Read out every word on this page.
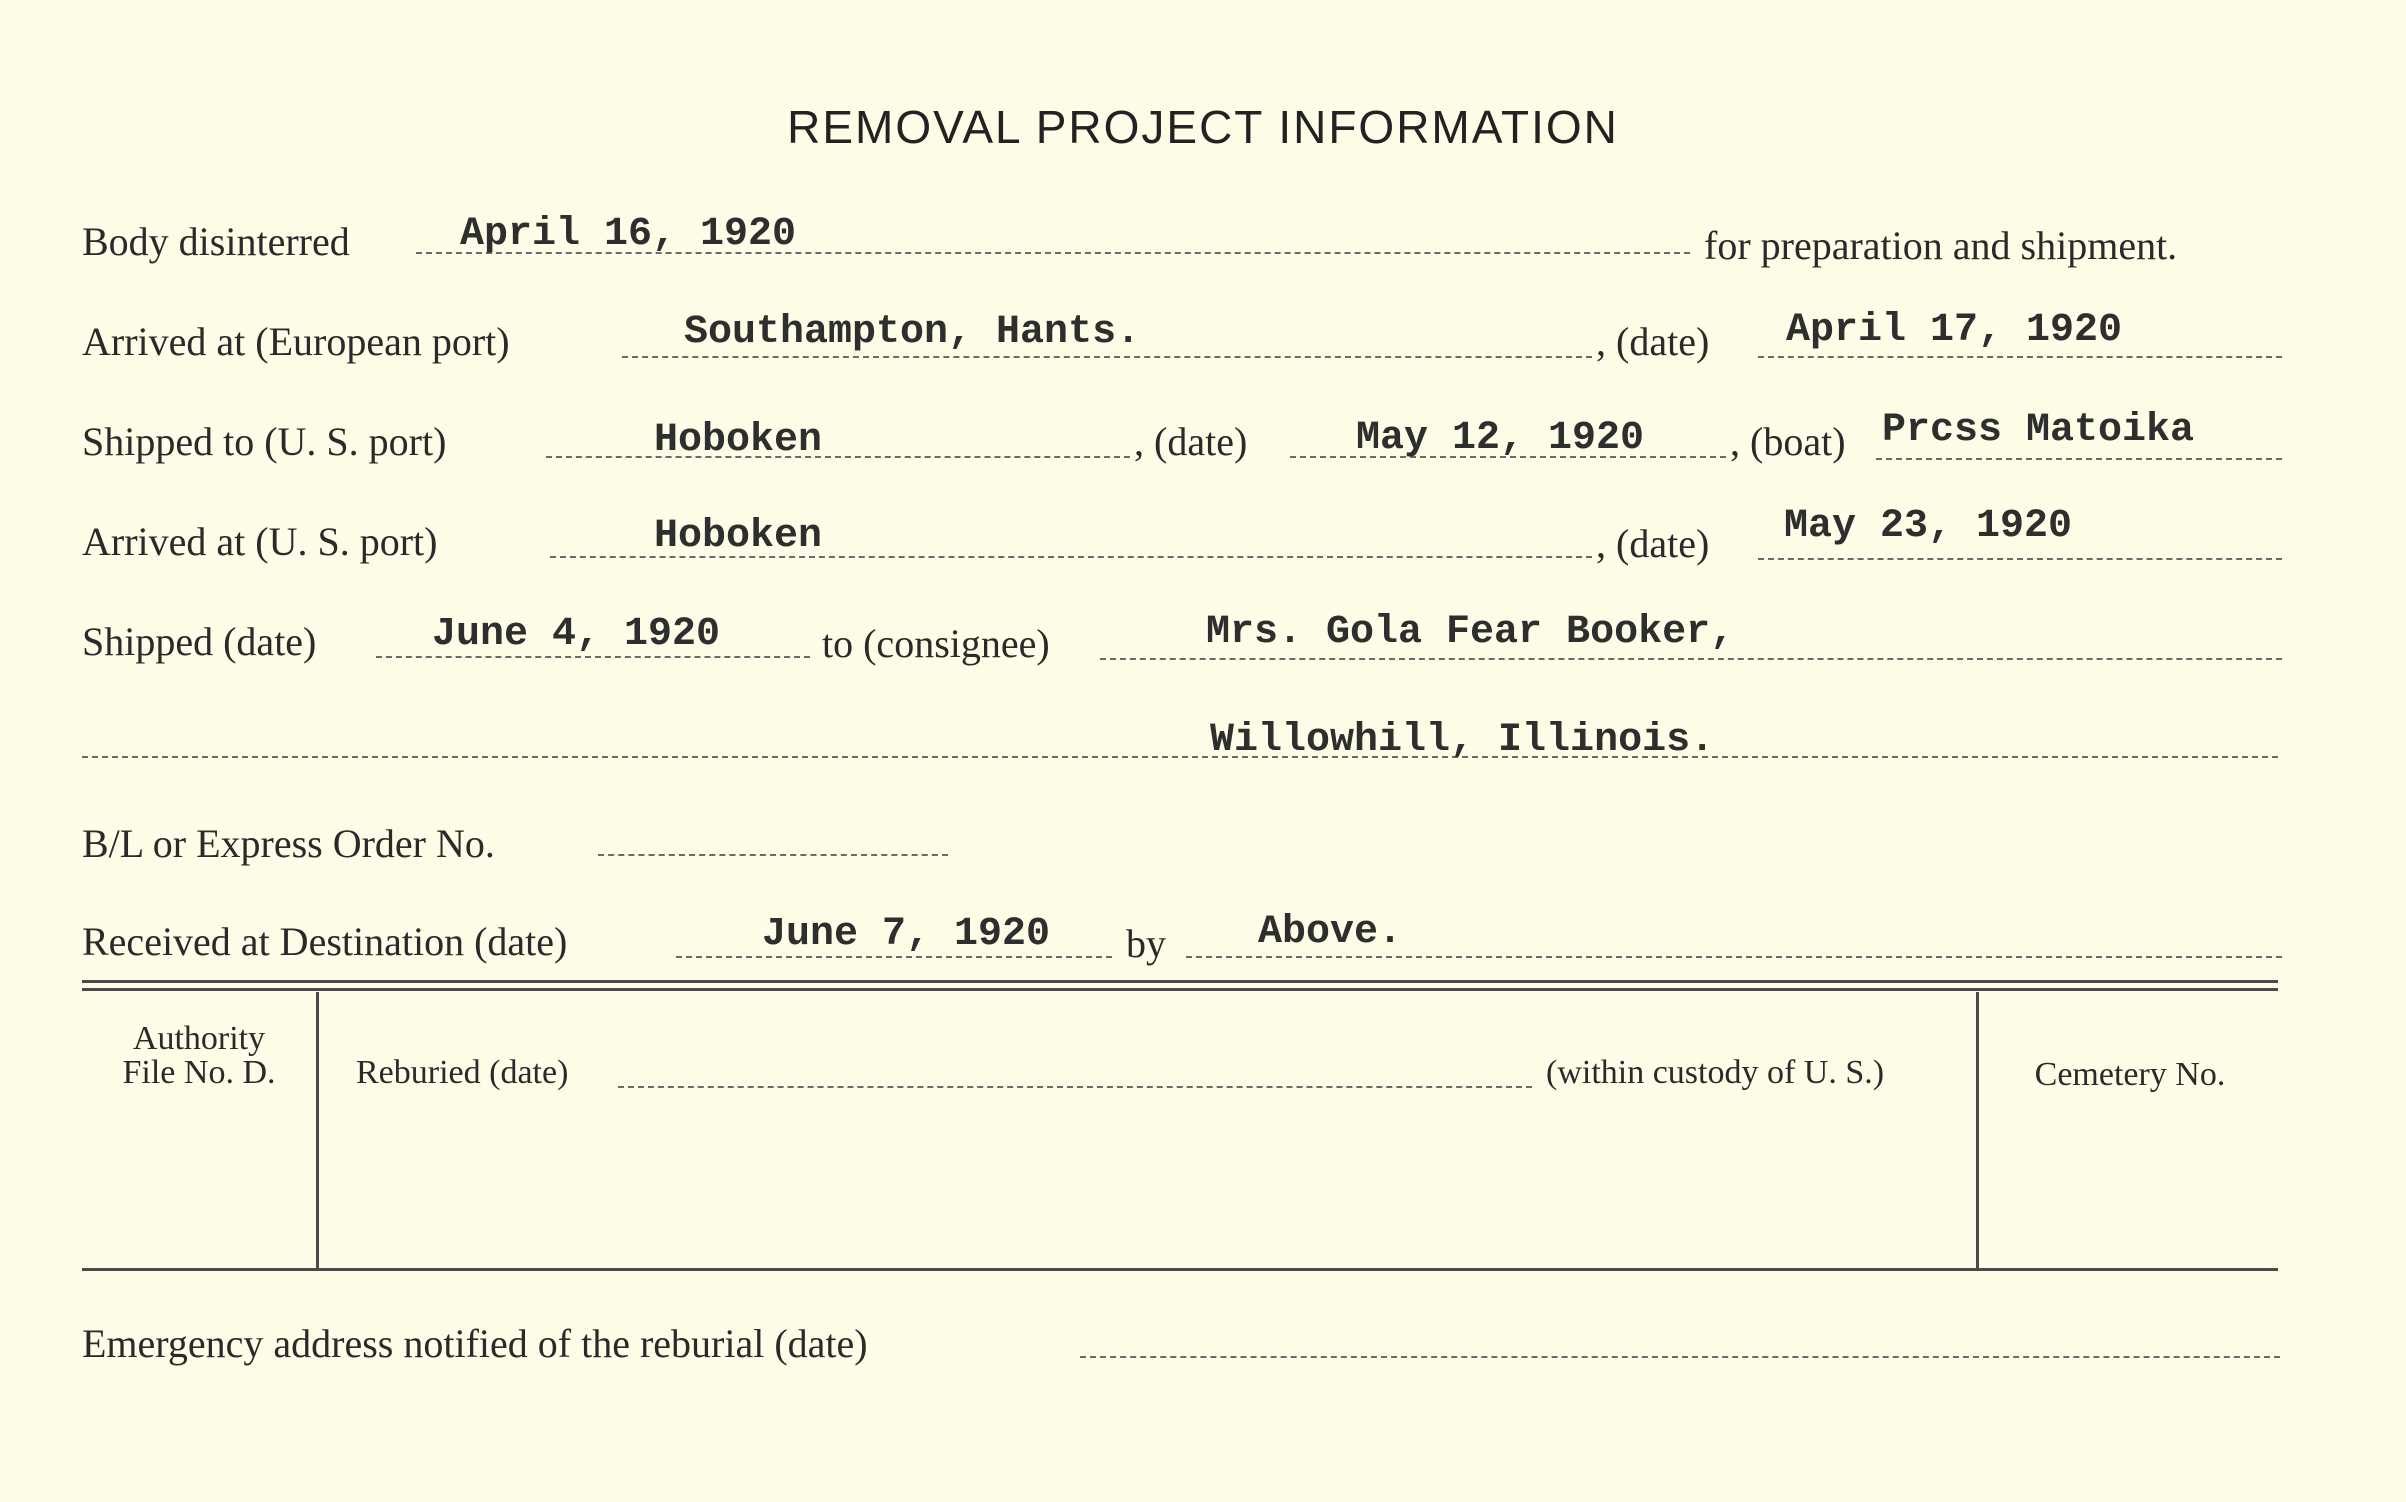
REMOVAL PROJECT INFORMATION
Body disinterred	April 16, 1920	for preparation and shipment.
Arrived at (European port)	Southampton, Hants.	, (date) April 17, 1920
Shipped to (U. S. port)	Hoboken	, (date)	May 12, 1920 , (boat) Prcss Matoika
Arrived at (U. S. port)	Hoboken	, (date) May 23, 1920
Shipped (date)	June 4, 1920	to (consignee)	Mrs. Gola Fear Booker,
Willowhill, Illinois.
B/L or Express Order No.
Received at Destination (date)	June 7, 1920 by Above.
Authority
File No. D.	Reburied (date)	(within custody of U. S.)	Cemetery No.
Emergency address notified of the reburial (date)
